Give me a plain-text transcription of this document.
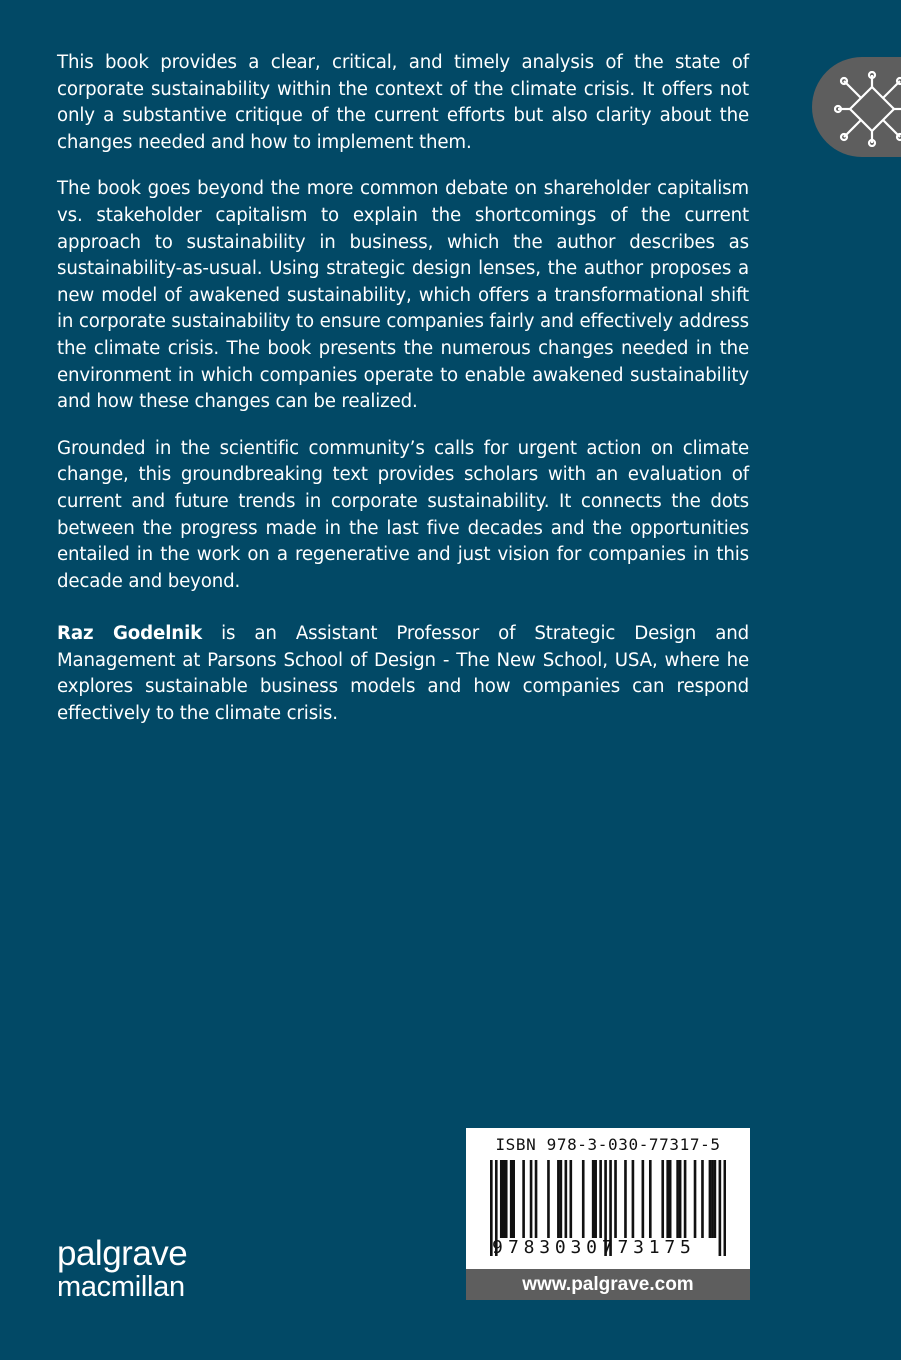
This book provides a clear, critical, and timely analysis of the state of corporate sustainability within the context of the climate crisis. It offers not only a substantive critique of the current efforts but also clarity about the changes needed and how to implement them.

The book goes beyond the more common debate on shareholder capitalism vs. stakeholder capitalism to explain the shortcomings of the current approach to sustainability in business, which the author describes as sustainability-as-usual. Using strategic design lenses, the author proposes a new model of awakened sustainability, which offers a transformational shift in corporate sustainability to ensure companies fairly and effectively address the climate crisis. The book presents the numerous changes needed in the environment in which companies operate to enable awakened sustainability and how these changes can be realized.

Grounded in the scientific community’s calls for urgent action on climate change, this groundbreaking text provides scholars with an evaluation of current and future trends in corporate sustainability. It connects the dots between the progress made in the last five decades and the opportunities entailed in the work on a regenerative and just vision for companies in this decade and beyond.

Raz Godelnik is an Assistant Professor of Strategic Design and Management at Parsons School of Design - The New School, USA, where he explores sustainable business models and how companies can respond effectively to the climate crisis.

ISBN 978-3-030-77317-5
9 783030773175
www.palgrave.com
palgrave
macmillan
